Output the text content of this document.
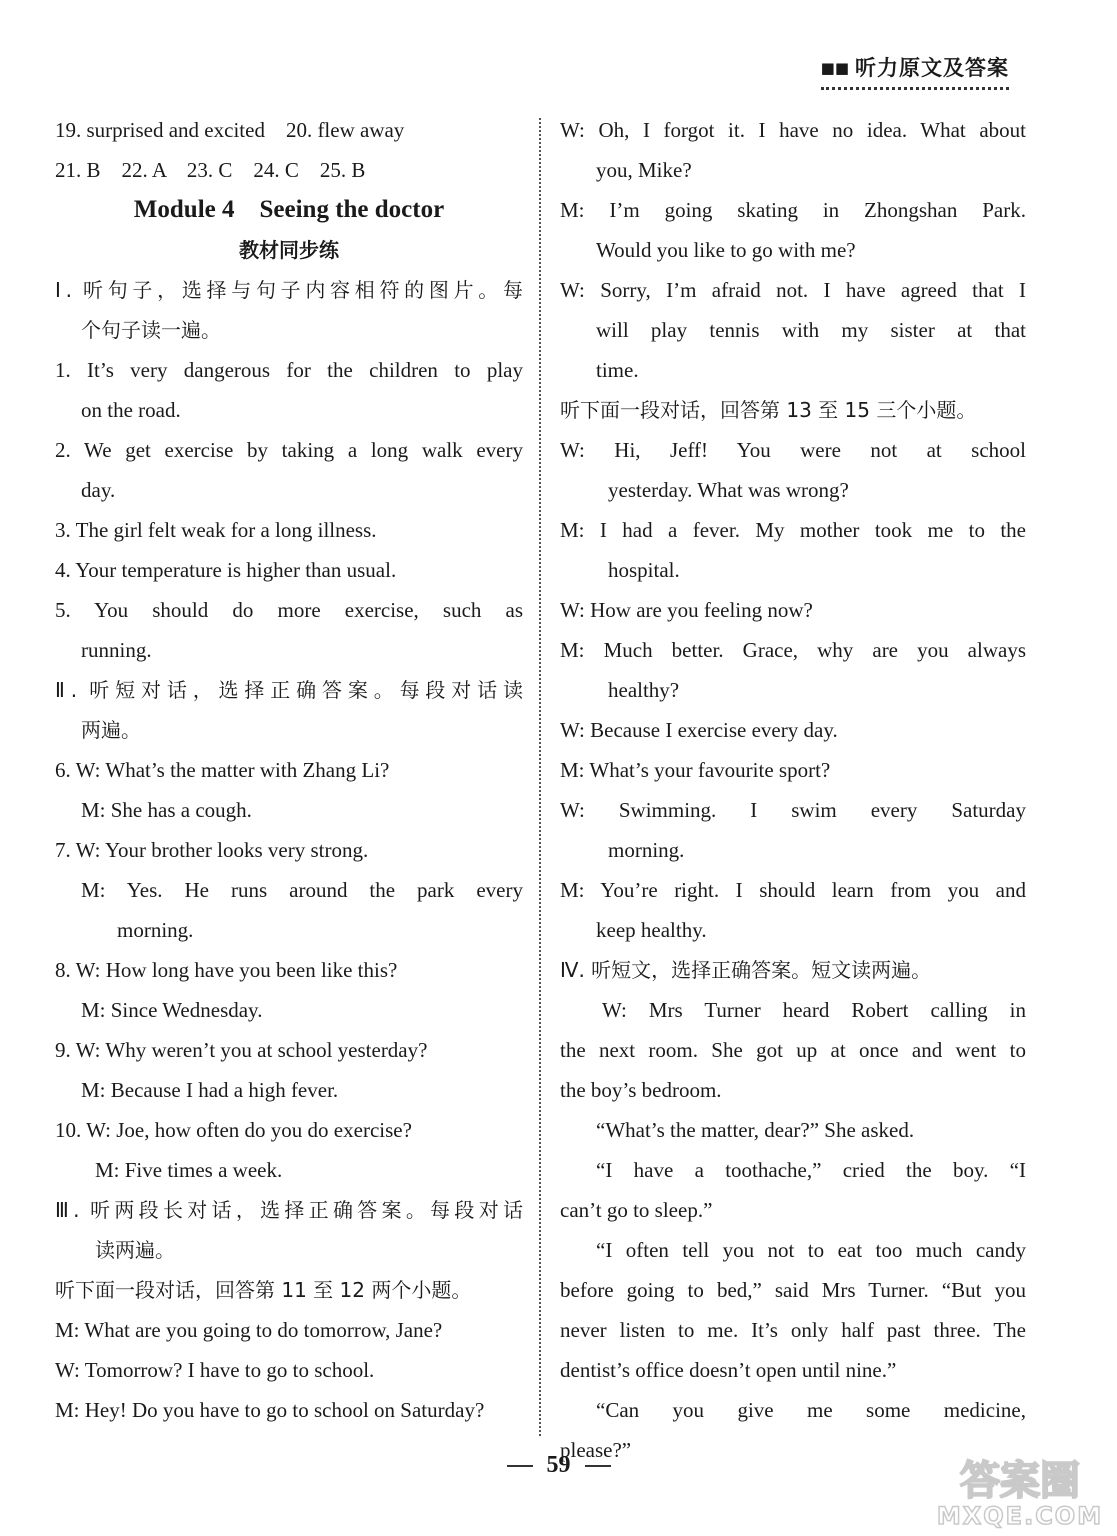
■■ 听力原文及答案

19. surprised and excited    20. flew away

21. B    22. A    23. C    24. C    25. B

Module 4    Seeing the doctor

教材同步练

Ⅰ. 听句子，选择与句子内容相符的图片。每

个句子读一遍。

1. It’s very dangerous for the children to play

on the road.

2. We get exercise by taking a long walk every

day.

3. The girl felt weak for a long illness.

4. Your temperature is higher than usual.

5. You should do more exercise, such as

running.

Ⅱ. 听短对话，选择正确答案。每段对话读

两遍。

6. W: What’s the matter with Zhang Li?

M: She has a cough.

7. W: Your brother looks very strong.

M: Yes. He runs around the park every

morning.

8. W: How long have you been like this?

M: Since Wednesday.

9. W: Why weren’t you at school yesterday?

M: Because I had a high fever.

10. W: Joe, how often do you do exercise?

M: Five times a week.

Ⅲ. 听两段长对话，选择正确答案。每段对话

读两遍。

听下面一段对话，回答第 11 至 12 两个小题。

M: What are you going to do tomorrow, Jane?

W: Tomorrow? I have to go to school.

M: Hey! Do you have to go to school on Saturday?

W: Oh, I forgot it. I have no idea. What about

you, Mike?

M: I’m going skating in Zhongshan Park.

Would you like to go with me?

W: Sorry, I’m afraid not. I have agreed that I

will play tennis with my sister at that

time.

听下面一段对话，回答第 13 至 15 三个小题。

W: Hi, Jeff! You were not at school

yesterday. What was wrong?

M: I had a fever. My mother took me to the

hospital.

W: How are you feeling now?

M: Much better. Grace, why are you always

healthy?

W: Because I exercise every day.

M: What’s your favourite sport?

W: Swimming. I swim every Saturday

morning.

M: You’re right. I should learn from you and

keep healthy.

Ⅳ. 听短文，选择正确答案。短文读两遍。

W: Mrs Turner heard Robert calling in

the next room. She got up at once and went to

the boy’s bedroom.

“What’s the matter, dear?” She asked.

“I have a toothache,” cried the boy. “I

can’t go to sleep.”

“I often tell you not to eat too much candy

before going to bed,” said Mrs Turner. “But you

never listen to me. It’s only half past three. The

dentist’s office doesn’t open until nine.”

“Can you give me some medicine,

please?”

59	答案圈
MXQE.COM
